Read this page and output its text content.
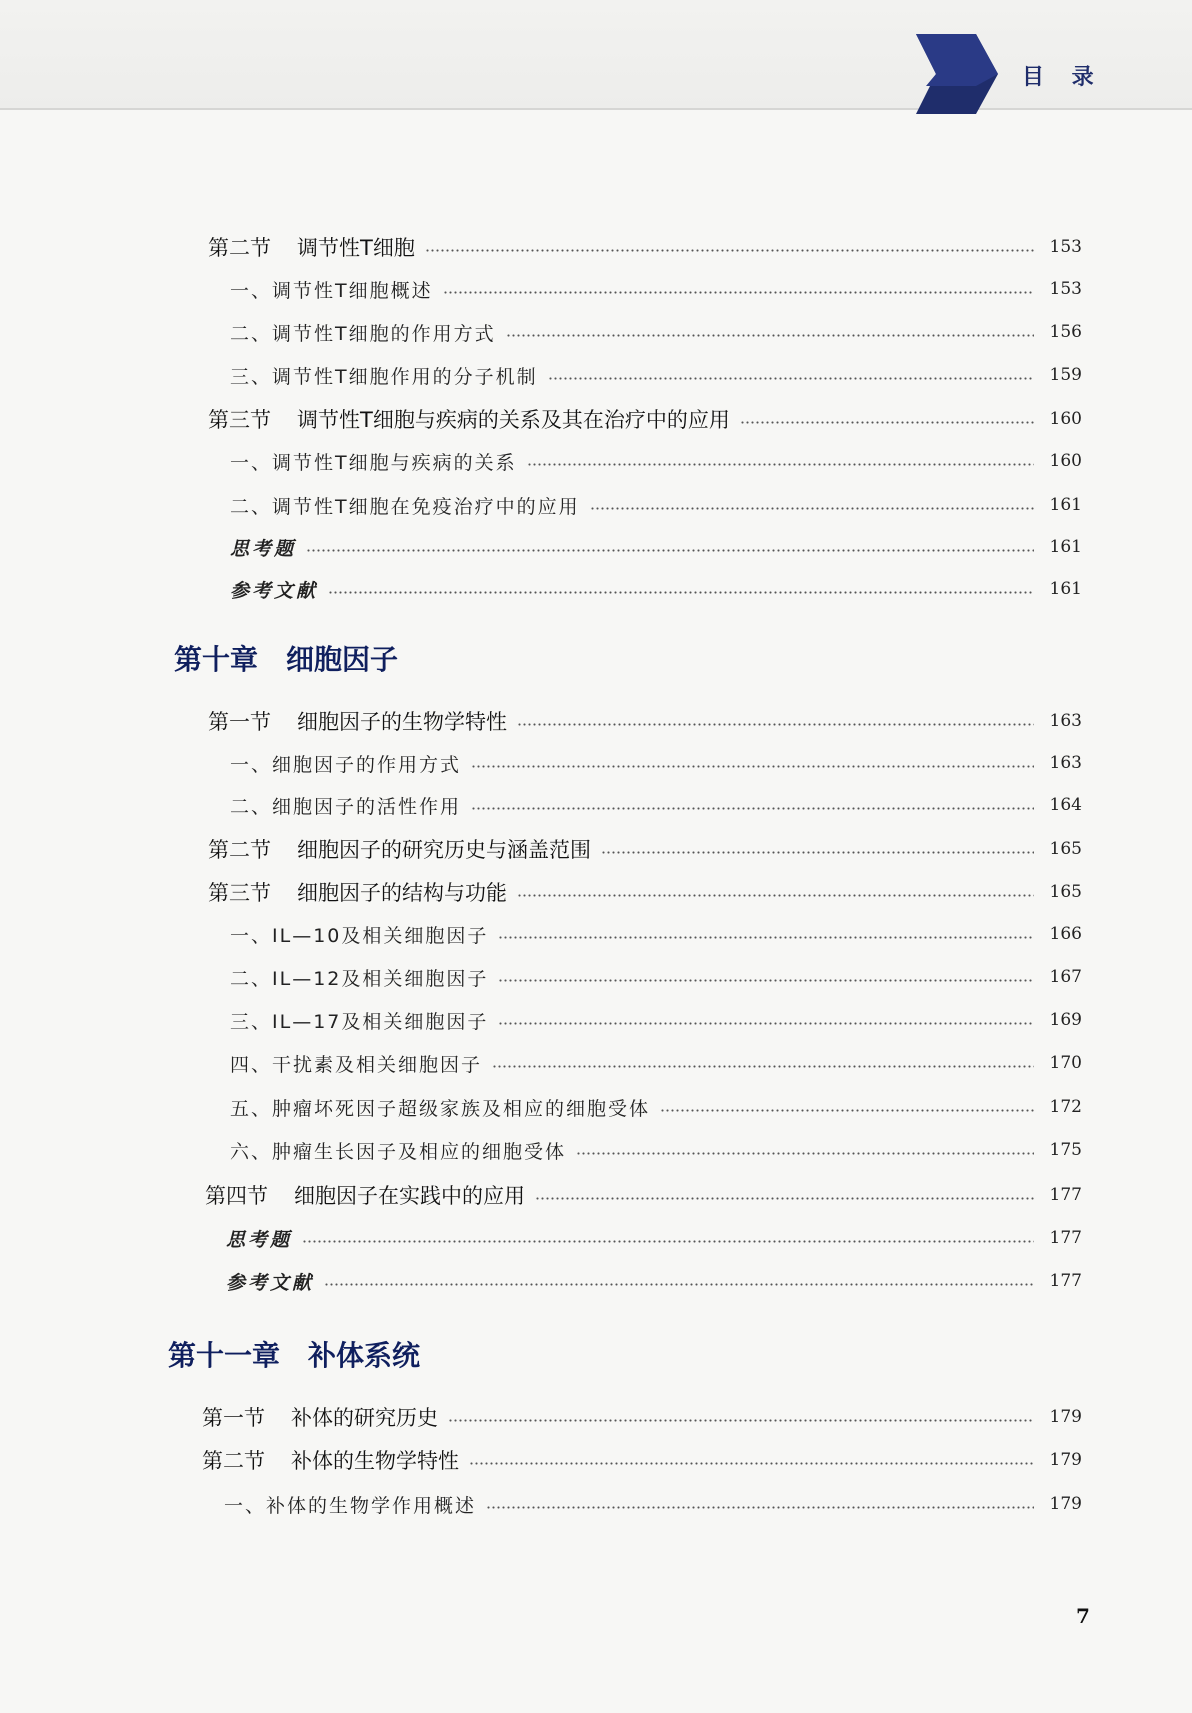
目 录
第二节 调节性T细胞	153
一、调节性T细胞概述	153
二、调节性T细胞的作用方式	156
三、调节性T细胞作用的分子机制	159
第三节 调节性T细胞与疾病的关系及其在治疗中的应用	160
一、调节性T细胞与疾病的关系	160
二、调节性T细胞在免疫治疗中的应用	161
思考题	161
参考文献	161
第十章 细胞因子
第一节 细胞因子的生物学特性	163
一、细胞因子的作用方式	163
二、细胞因子的活性作用	164
第二节 细胞因子的研究历史与涵盖范围	165
第三节 细胞因子的结构与功能	165
一、IL—10及相关细胞因子	166
二、IL—12及相关细胞因子	167
三、IL—17及相关细胞因子	169
四、干扰素及相关细胞因子	170
五、肿瘤坏死因子超级家族及相应的细胞受体	172
六、肿瘤生长因子及相应的细胞受体	175
第四节 细胞因子在实践中的应用	177
思考题	177
参考文献	177
第十一章 补体系统
第一节 补体的研究历史	179
第二节 补体的生物学特性	179
一、补体的生物学作用概述	179
7
